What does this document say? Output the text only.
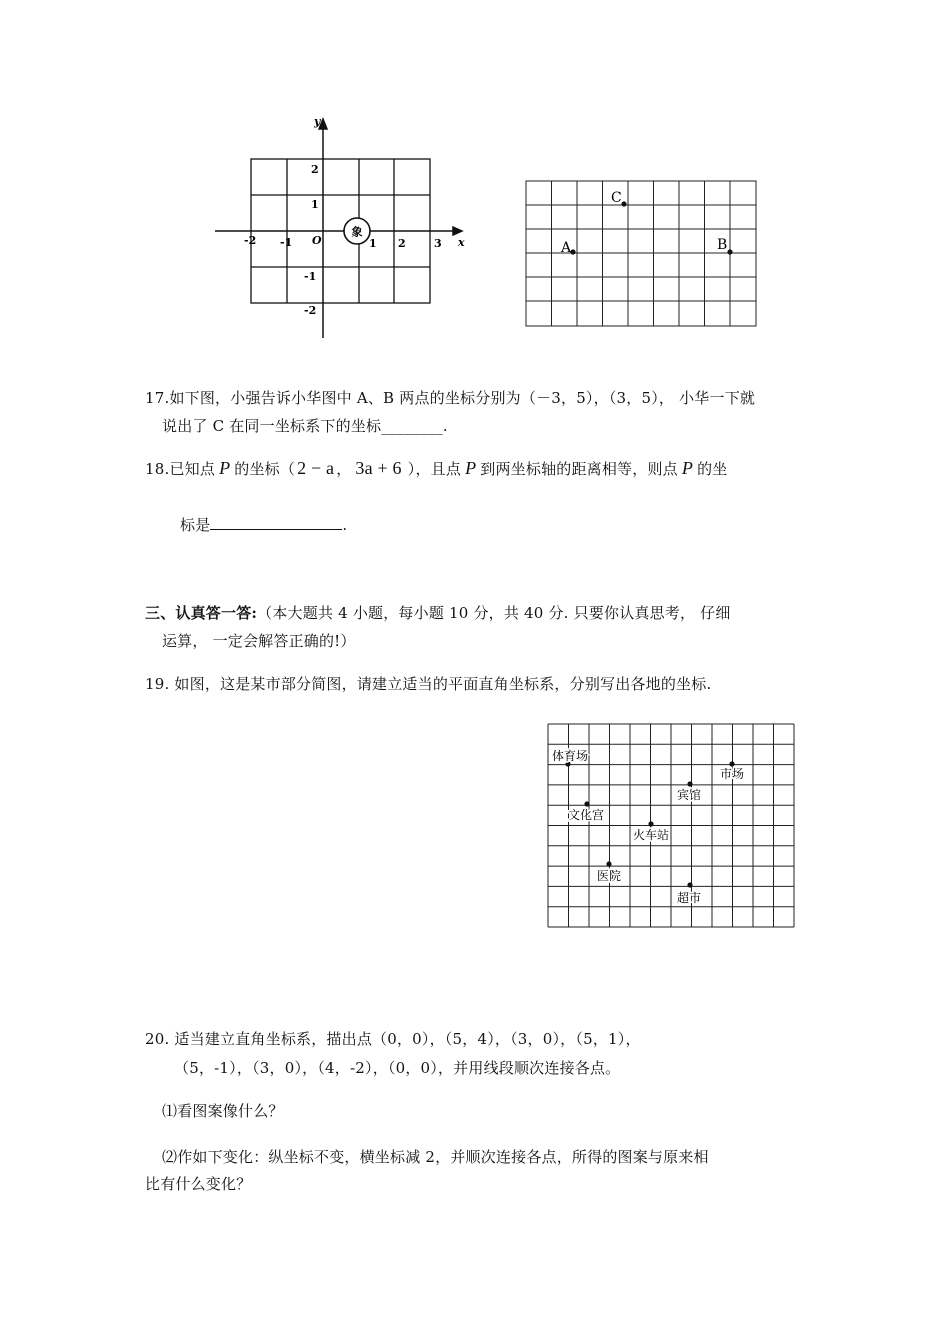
y
x
O
-2 -1	1 2	3
2
1
-1
-2
象
A	B
C
17.如下图，小强告诉小华图中 A、B 两点的坐标分别为（－3，5），（3，5）， 小华一下就
说出了 C 在同一坐标系下的坐标________.
18.已知点 P 的坐标（ 2 − a ， 3a + 6 ），且点 P 到两坐标轴的距离相等，则点 P 的坐
标是	.
三、认真答一答:（本大题共 4 小题，每小题 10 分，共 40 分. 只要你认真思考， 仔细
运算， 一定会解答正确的!）
19. 如图，这是某市部分简图，请建立适当的平面直角坐标系，分别写出各地的坐标.
体育场
市场
宾馆
文化宫
火车站
医院
超市
20. 适当建立直角坐标系，描出点（0，0），（5，4），（3，0），（5，1），
（5，-1），（3，0），（4，-2），（0，0），并用线段顺次连接各点。
⑴看图案像什么？
⑵作如下变化：纵坐标不变，横坐标减 2，并顺次连接各点，所得的图案与原来相
比有什么变化？
